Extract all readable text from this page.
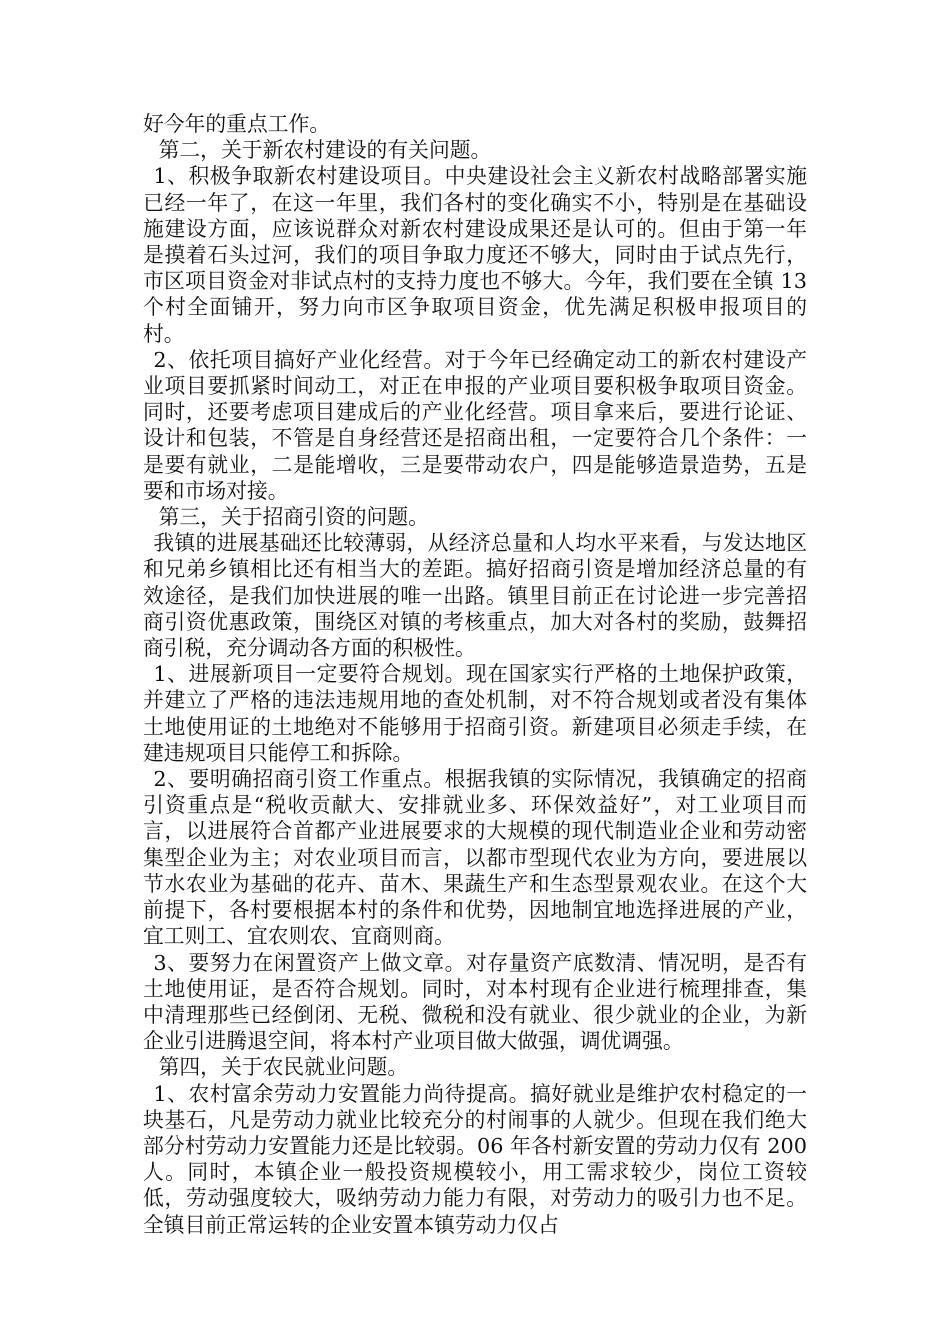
好今年的重点工作。

第二，关于新农村建设的有关问题。

1、积极争取新农村建设项目。中央建设社会主义新农村战略部署实施已经一年了，在这一年里，我们各村的变化确实不小，特别是在基础设施建设方面，应该说群众对新农村建设成果还是认可的。但由于第一年是摸着石头过河，我们的项目争取力度还不够大，同时由于试点先行，市区项目资金对非试点村的支持力度也不够大。今年，我们要在全镇 13 个村全面铺开，努力向市区争取项目资金，优先满足积极申报项目的村。

2、依托项目搞好产业化经营。对于今年已经确定动工的新农村建设产业项目要抓紧时间动工，对正在申报的产业项目要积极争取项目资金。同时，还要考虑项目建成后的产业化经营。项目拿来后，要进行论证、设计和包装，不管是自身经营还是招商出租，一定要符合几个条件：一是要有就业，二是能增收，三是要带动农户，四是能够造景造势，五是要和市场对接。

第三，关于招商引资的问题。

我镇的进展基础还比较薄弱，从经济总量和人均水平来看，与发达地区和兄弟乡镇相比还有相当大的差距。搞好招商引资是增加经济总量的有效途径，是我们加快进展的唯一出路。镇里目前正在讨论进一步完善招商引资优惠政策，围绕区对镇的考核重点，加大对各村的奖励，鼓舞招商引税，充分调动各方面的积极性。

1、进展新项目一定要符合规划。现在国家实行严格的土地保护政策，并建立了严格的违法违规用地的查处机制，对不符合规划或者没有集体土地使用证的土地绝对不能够用于招商引资。新建项目必须走手续，在建违规项目只能停工和拆除。

2、要明确招商引资工作重点。根据我镇的实际情况，我镇确定的招商引资重点是“税收贡献大、安排就业多、环保效益好”，对工业项目而言，以进展符合首都产业进展要求的大规模的现代制造业企业和劳动密集型企业为主；对农业项目而言，以都市型现代农业为方向，要进展以节水农业为基础的花卉、苗木、果蔬生产和生态型景观农业。在这个大前提下，各村要根据本村的条件和优势，因地制宜地选择进展的产业，宜工则工、宜农则农、宜商则商。

3、要努力在闲置资产上做文章。对存量资产底数清、情况明，是否有土地使用证，是否符合规划。同时，对本村现有企业进行梳理排查，集中清理那些已经倒闭、无税、微税和没有就业、很少就业的企业，为新企业引进腾退空间，将本村产业项目做大做强，调优调强。

第四，关于农民就业问题。

1、农村富余劳动力安置能力尚待提高。搞好就业是维护农村稳定的一块基石，凡是劳动力就业比较充分的村闹事的人就少。但现在我们绝大部分村劳动力安置能力还是比较弱。06 年各村新安置的劳动力仅有 200 人。同时，本镇企业一般投资规模较小，用工需求较少，岗位工资较低，劳动强度较大，吸纳劳动力能力有限，对劳动力的吸引力也不足。全镇目前正常运转的企业安置本镇劳动力仅占
